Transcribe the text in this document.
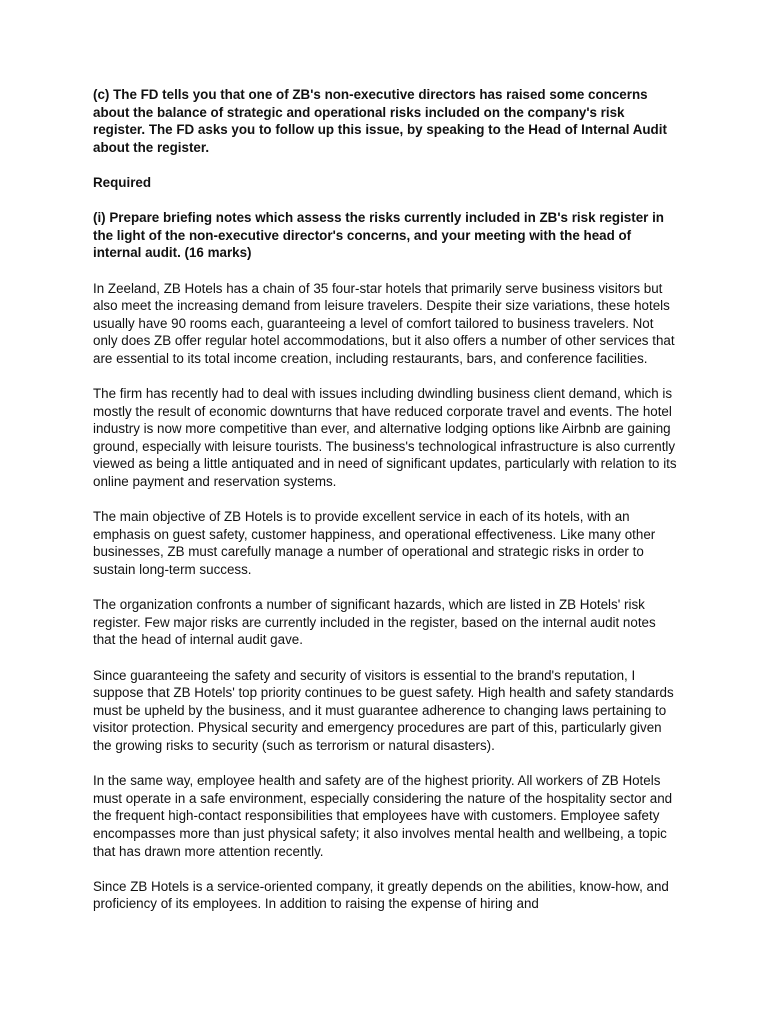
(c) The FD tells you that one of ZB's non-executive directors has raised some concerns about the balance of strategic and operational risks included on the company's risk register. The FD asks you to follow up this issue, by speaking to the Head of Internal Audit about the register.

Required

(i) Prepare briefing notes which assess the risks currently included in ZB's risk register in the light of the non-executive director's concerns, and your meeting with the head of internal audit. (16 marks)

In Zeeland, ZB Hotels has a chain of 35 four-star hotels that primarily serve business visitors but also meet the increasing demand from leisure travelers. Despite their size variations, these hotels usually have 90 rooms each, guaranteeing a level of comfort tailored to business travelers. Not only does ZB offer regular hotel accommodations, but it also offers a number of other services that are essential to its total income creation, including restaurants, bars, and conference facilities.

The firm has recently had to deal with issues including dwindling business client demand, which is mostly the result of economic downturns that have reduced corporate travel and events. The hotel industry is now more competitive than ever, and alternative lodging options like Airbnb are gaining ground, especially with leisure tourists. The business's technological infrastructure is also currently viewed as being a little antiquated and in need of significant updates, particularly with relation to its online payment and reservation systems.

The main objective of ZB Hotels is to provide excellent service in each of its hotels, with an emphasis on guest safety, customer happiness, and operational effectiveness. Like many other businesses, ZB must carefully manage a number of operational and strategic risks in order to sustain long-term success.

The organization confronts a number of significant hazards, which are listed in ZB Hotels' risk register. Few major risks are currently included in the register, based on the internal audit notes that the head of internal audit gave.

Since guaranteeing the safety and security of visitors is essential to the brand's reputation, I suppose that ZB Hotels' top priority continues to be guest safety. High health and safety standards must be upheld by the business, and it must guarantee adherence to changing laws pertaining to visitor protection. Physical security and emergency procedures are part of this, particularly given the growing risks to security (such as terrorism or natural disasters).

In the same way, employee health and safety are of the highest priority. All workers of ZB Hotels must operate in a safe environment, especially considering the nature of the hospitality sector and the frequent high-contact responsibilities that employees have with customers. Employee safety encompasses more than just physical safety; it also involves mental health and wellbeing, a topic that has drawn more attention recently.

Since ZB Hotels is a service-oriented company, it greatly depends on the abilities, know-how, and proficiency of its employees. In addition to raising the expense of hiring and
